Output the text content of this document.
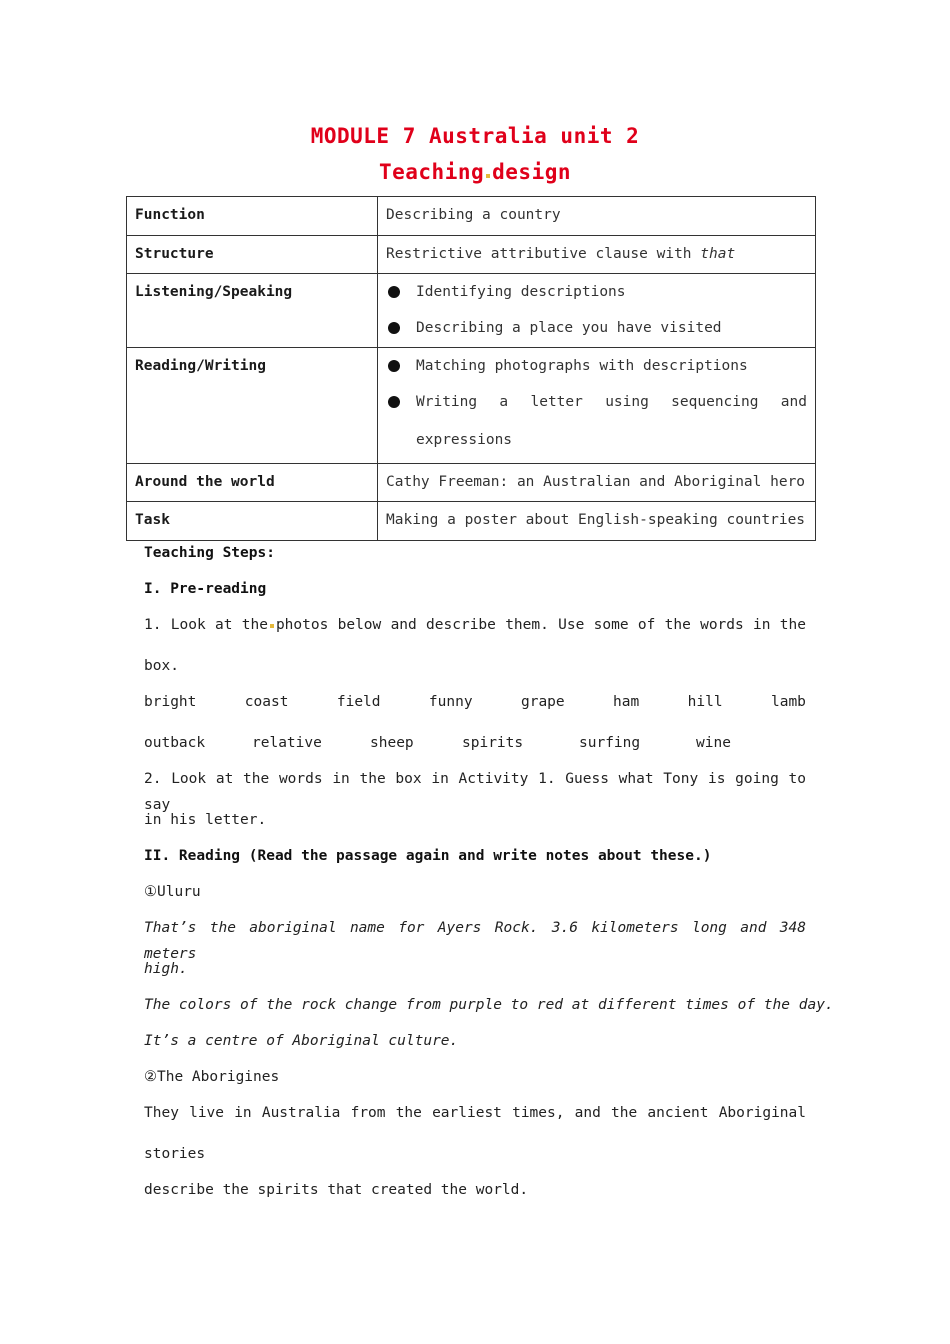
MODULE 7 Australia unit 2
Teaching design
Function	Describing a country
Structure	Restrictive attributive clause with that
Listening/Speaking	Identifying descriptions
Describing a place you have visited

Reading/Writing	Matching photographs with descriptions
Writing a letter using sequencing and
expressions

Around the world	Cathy Freeman: an Australian and Aboriginal hero
Task	Making a poster about English-speaking countries
Teaching Steps:
I. Pre-reading
1. Look at the photos below and describe them. Use some of the words in the
box.
bright	coast	field	funny	grape	ham	hill	lamb
outback	relative	sheep	spirits	surfing	wine
2. Look at the words in the box in Activity 1. Guess what Tony is going to say
in his letter.
II. Reading (Read the passage again and write notes about these.)
①Uluru
That’s the aboriginal name for Ayers Rock. 3.6 kilometers long and 348 meters
high.
The colors of the rock change from purple to red at different times of the day.
It’s a centre of Aboriginal culture.
②The Aborigines
They live in Australia from the earliest times, and the ancient Aboriginal
stories
describe the spirits that created the world.
